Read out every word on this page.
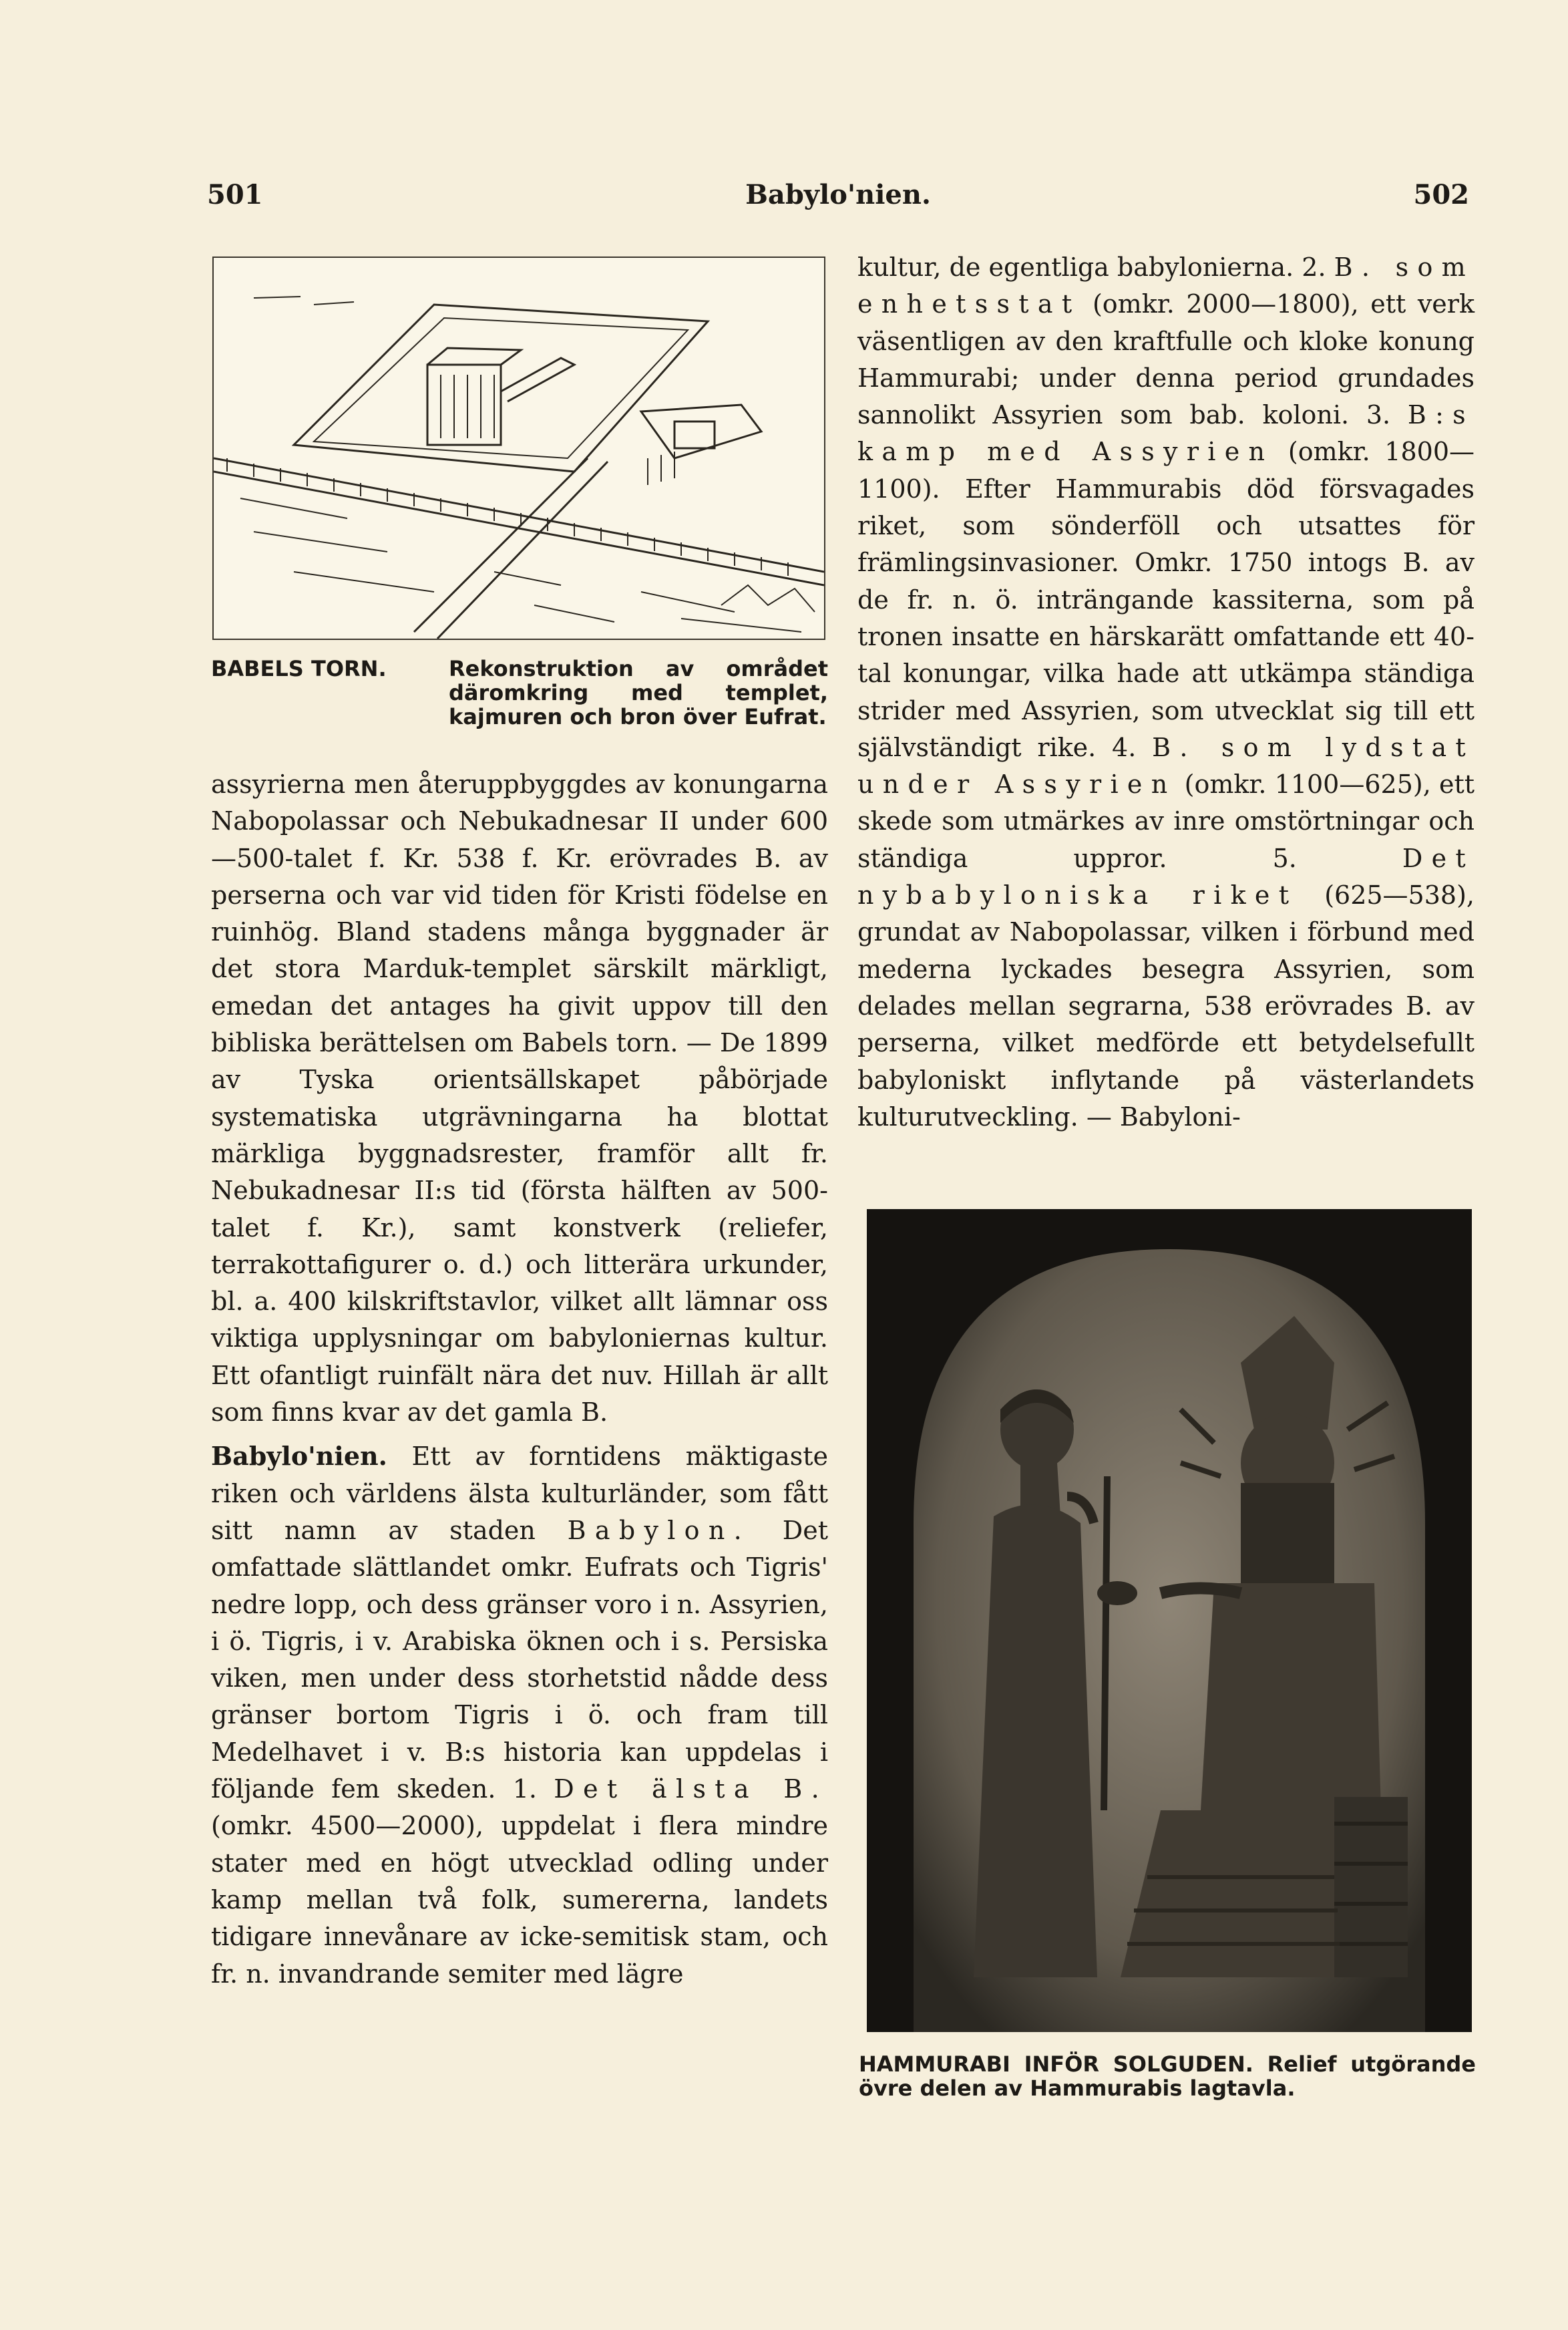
501	Babylo'nien.	502
BABELS TORN.	Rekonstruktion av området däromkring med templet, kajmuren och bron över Eufrat.

assyrierna men återuppbyggdes av konungarna Nabopolassar och Nebukadnesar II under 600—500-talet f. Kr. 538 f. Kr. erövrades B. av perserna och var vid tiden för Kristi födelse en ruinhög. Bland stadens många byggnader är det stora Marduk-templet särskilt märkligt, emedan det antages ha givit uppov till den bibliska berättelsen om Babels torn. — De 1899 av Tyska orientsällskapet påbörjade systematiska utgrävningarna ha blottat märkliga byggnadsrester, framför allt fr. Nebukadnesar II:s tid (första hälften av 500-talet f. Kr.), samt konstverk (reliefer, terrakottafigurer o. d.) och litterära urkunder, bl. a. 400 kilskriftstavlor, vilket allt lämnar oss viktiga upplysningar om babyloniernas kultur. Ett ofantligt ruinfält nära det nuv. Hillah är allt som finns kvar av det gamla B.

Babylo'nien. Ett av forntidens mäktigaste riken och världens älsta kulturländer, som fått sitt namn av staden Babylon. Det omfattade slättlandet omkr. Eufrats och Tigris' nedre lopp, och dess gränser voro i n. Assyrien, i ö. Tigris, i v. Arabiska öknen och i s. Persiska viken, men under dess storhetstid nådde dess gränser bortom Tigris i ö. och fram till Medelhavet i v. B:s historia kan uppdelas i följande fem skeden. 1. Det älsta B. (omkr. 4500—2000), uppdelat i flera mindre stater med en högt utvecklad odling under kamp mellan två folk, sumererna, landets tidigare innevånare av icke-semitisk stam, och fr. n. invandrande semiter med lägre

kultur, de egentliga babylonierna. 2. B. som enhetsstat (omkr. 2000—1800), ett verk väsentligen av den kraftfulle och kloke konung Hammurabi; under denna period grundades sannolikt Assyrien som bab. koloni. 3. B:s kamp med Assyrien (omkr. 1800—1100). Efter Hammurabis död försvagades riket, som sönderföll och utsattes för främlingsinvasioner. Omkr. 1750 intogs B. av de fr. n. ö. inträngande kassiterna, som på tronen insatte en härskarätt omfattande ett 40-tal konungar, vilka hade att utkämpa ständiga strider med Assyrien, som utvecklat sig till ett självständigt rike. 4. B. som lydstat under Assyrien (omkr. 1100—625), ett skede som utmärkes av inre omstörtningar och ständiga uppror. 5.	Det nybabyloniska riket (625—538), grundat av Nabopolassar, vilken i förbund med mederna lyckades besegra Assyrien, som delades mellan segrarna, 538 erövrades B. av perserna, vilket medförde ett betydelsefullt babyloniskt inflytande på västerlandets kulturutveckling. — Babyloni-

HAMMURABI INFÖR SOLGUDEN. Relief utgörande övre delen av Hammurabis lagtavla.
